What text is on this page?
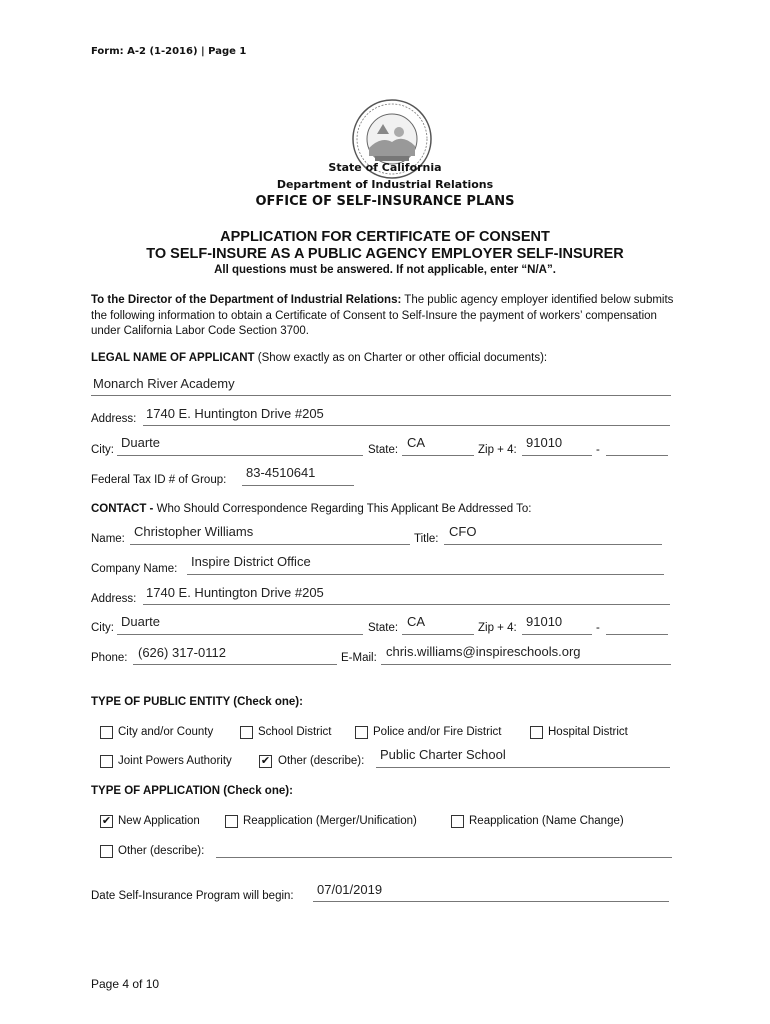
Form: A-2 (1-2016) | Page 1
State of California
Department of Industrial Relations
OFFICE OF SELF-INSURANCE PLANS
APPLICATION FOR CERTIFICATE OF CONSENT
TO SELF-INSURE AS A PUBLIC AGENCY EMPLOYER SELF-INSURER
All questions must be answered. If not applicable, enter “N/A”.
To the Director of the Department of Industrial Relations: The public agency employer identified below submits the following information to obtain a Certificate of Consent to Self-Insure the payment of workers’ compensation under California Labor Code Section 3700.
LEGAL NAME OF APPLICANT (Show exactly as on Charter or other official documents):
Monarch River Academy
Address: 1740 E. Huntington Drive #205
City: Duarte	State: CA	Zip + 4: 91010	-
Federal Tax ID # of Group: 83-4510641
CONTACT - Who Should Correspondence Regarding This Applicant Be Addressed To:
Name: Christopher Williams	Title: CFO
Company Name: Inspire District Office
Address: 1740 E. Huntington Drive #205
City: Duarte	State: CA	Zip + 4: 91010	-
Phone: (626) 317-0112	E-Mail: chris.williams@inspireschools.org
TYPE OF PUBLIC ENTITY (Check one):
City and/or County	School District	Police and/or Fire District	Hospital District
Joint Powers Authority	✔ Other (describe): Public Charter School
TYPE OF APPLICATION (Check one):
✔ New Application	Reapplication (Merger/Unification)	Reapplication (Name Change)
Other (describe):
Date Self-Insurance Program will begin: 07/01/2019
Page 4 of 10
